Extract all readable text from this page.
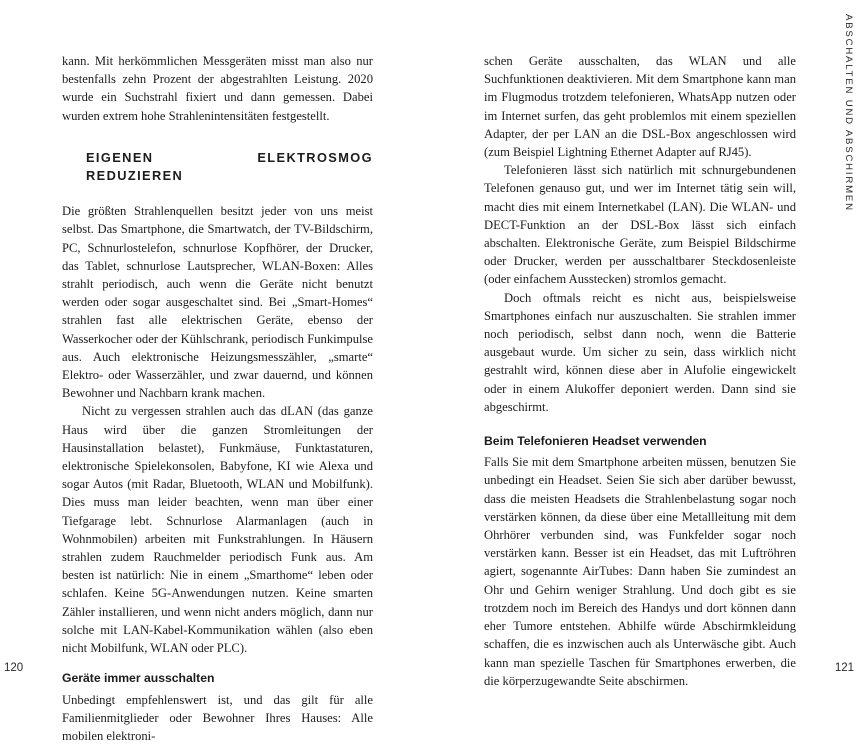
kann. Mit herkömmlichen Messgeräten misst man also nur bestenfalls zehn Prozent der abgestrahlten Leistung. 2020 wurde ein Suchstrahl fixiert und dann gemessen. Dabei wurden extrem hohe Strahlenintensitäten festgestellt.

EIGENEN ELEKTROSMOG REDUZIEREN

Die größten Strahlenquellen besitzt jeder von uns meist selbst. Das Smartphone, die Smartwatch, der TV-Bildschirm, PC, Schnurlostelefon, schnurlose Kopfhörer, der Drucker, das Tablet, schnurlose Lautsprecher, WLAN-Boxen: Alles strahlt periodisch, auch wenn die Geräte nicht benutzt werden oder sogar ausgeschaltet sind. Bei „Smart-Homes“ strahlen fast alle elektrischen Geräte, ebenso der Wasserkocher oder der Kühlschrank, periodisch Funkimpulse aus. Auch elektronische Heizungsmesszähler, „smarte“ Elektro- oder Wasserzähler, und zwar dauernd, und können Bewohner und Nachbarn krank machen.

Nicht zu vergessen strahlen auch das dLAN (das ganze Haus wird über die ganzen Stromleitungen der Hausinstallation belastet), Funkmäuse, Funktastaturen, elektronische Spielekonsolen, Babyfone, KI wie Alexa und sogar Autos (mit Radar, Bluetooth, WLAN und Mobilfunk). Dies muss man leider beachten, wenn man über einer Tiefgarage lebt. Schnurlose Alarmanlagen (auch in Wohnmobilen) arbeiten mit Funkstrahlungen. In Häusern strahlen zudem Rauchmelder periodisch Funk aus. Am besten ist natürlich: Nie in einem „Smarthome“ leben oder schlafen. Keine 5G-Anwendungen nutzen. Keine smarten Zähler installieren, und wenn nicht anders möglich, dann nur solche mit LAN-Kabel-Kommunikation wählen (also eben nicht Mobilfunk, WLAN oder PLC).

Geräte immer ausschalten

Unbedingt empfehlenswert ist, und das gilt für alle Familienmitglieder oder Bewohner Ihres Hauses: Alle mobilen elektroni-

120

schen Geräte ausschalten, das WLAN und alle Suchfunktionen deaktivieren. Mit dem Smartphone kann man im Flugmodus trotzdem telefonieren, WhatsApp nutzen oder im Internet surfen, das geht problemlos mit einem speziellen Adapter, der per LAN an die DSL-Box angeschlossen wird (zum Beispiel Lightning Ethernet Adapter auf RJ45).

Telefonieren lässt sich natürlich mit schnurgebundenen Telefonen genauso gut, und wer im Internet tätig sein will, macht dies mit einem Internetkabel (LAN). Die WLAN- und DECT-Funktion an der DSL-Box lässt sich einfach abschalten. Elektronische Geräte, zum Beispiel Bildschirme oder Drucker, werden per ausschaltbarer Steckdosenleiste (oder einfachem Ausstecken) stromlos gemacht.

Doch oftmals reicht es nicht aus, beispielsweise Smartphones einfach nur auszuschalten. Sie strahlen immer noch periodisch, selbst dann noch, wenn die Batterie ausgebaut wurde. Um sicher zu sein, dass wirklich nicht gestrahlt wird, können diese aber in Alufolie eingewickelt oder in einem Alukoffer deponiert werden. Dann sind sie abgeschirmt.

Beim Telefonieren Headset verwenden

Falls Sie mit dem Smartphone arbeiten müssen, benutzen Sie unbedingt ein Headset. Seien Sie sich aber darüber bewusst, dass die meisten Headsets die Strahlenbelastung sogar noch verstärken können, da diese über eine Metallleitung mit dem Ohrhörer verbunden sind, was Funkfelder sogar noch verstärken kann. Besser ist ein Headset, das mit Luftröhren agiert, sogenannte AirTubes: Dann haben Sie zumindest an Ohr und Gehirn weniger Strahlung. Und doch gibt es sie trotzdem noch im Bereich des Handys und dort können dann eher Tumore entstehen. Abhilfe würde Abschirmkleidung schaffen, die es inzwischen auch als Unterwäsche gibt. Auch kann man spezielle Taschen für Smartphones erwerben, die die körperzugewandte Seite abschirmen.

ABSCHALTEN UND ABSCHIRMEN
121
